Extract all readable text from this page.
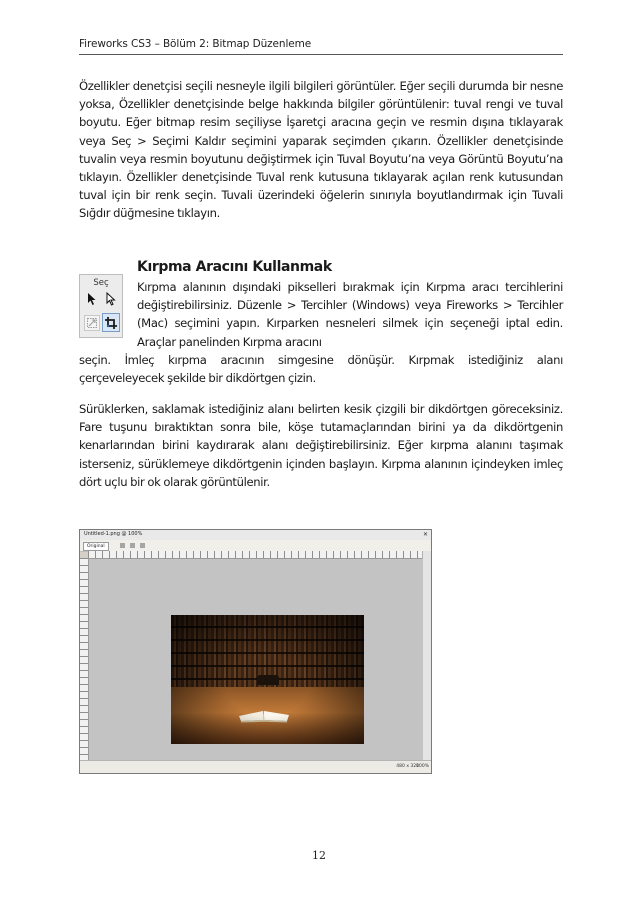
Fireworks CS3 – Bölüm 2: Bitmap Düzenleme

Özellikler denetçisi seçili nesneyle ilgili bilgileri görüntüler. Eğer seçili durumda bir nesne yoksa, Özellikler denetçisinde belge hakkında bilgiler görüntülenir: tuval rengi ve tuval boyutu. Eğer bitmap resim seçiliyse İşaretçi aracına geçin ve resmin dışına tıklayarak veya Seç > Seçimi Kaldır seçimini yaparak seçimden çıkarın. Özellikler denetçisinde tuvalin veya resmin boyutunu değiştirmek için Tuval Boyutu’na veya Görüntü Boyutu’na tıklayın. Özellikler denetçisinde Tuval renk kutusuna tıklayarak açılan renk kutusundan tuval için bir renk seçin. Tuvali üzerindeki öğelerin sınırıyla boyutlandırmak için Tuvali Sığdır düğmesine tıklayın.

Kırpma Aracını Kullanmak
Seç	Kırpma alanının dışındaki pikselleri bırakmak için Kırpma aracı tercihlerini değiştirebilirsiniz. Düzenle > Tercihler (Windows) veya Fireworks > Tercihler (Mac) seçimini yapın. Kırparken nesneleri silmek için seçeneği iptal edin. Araçlar panelinden Kırpma aracını

seçin. İmleç kırpma aracının simgesine dönüşür. Kırpmak istediğiniz alanı çerçeveleyecek şekilde bir dikdörtgen çizin.

Sürüklerken, saklamak istediğiniz alanı belirten kesik çizgili bir dikdörtgen göreceksiniz. Fare tuşunu bıraktıktan sonra bile, köşe tutamaçlarından birini ya da dikdörtgenin kenarlarından birini kaydırarak alanı değiştirebilirsiniz. Eğer kırpma alanını taşımak isterseniz, sürüklemeye dikdörtgenin içinden başlayın. Kırpma alanının içindeyken imleç dört uçlu bir ok olarak görüntülenir.

Untitled-1.png @ 100%	✕
Original
480 x 320
100%
12
